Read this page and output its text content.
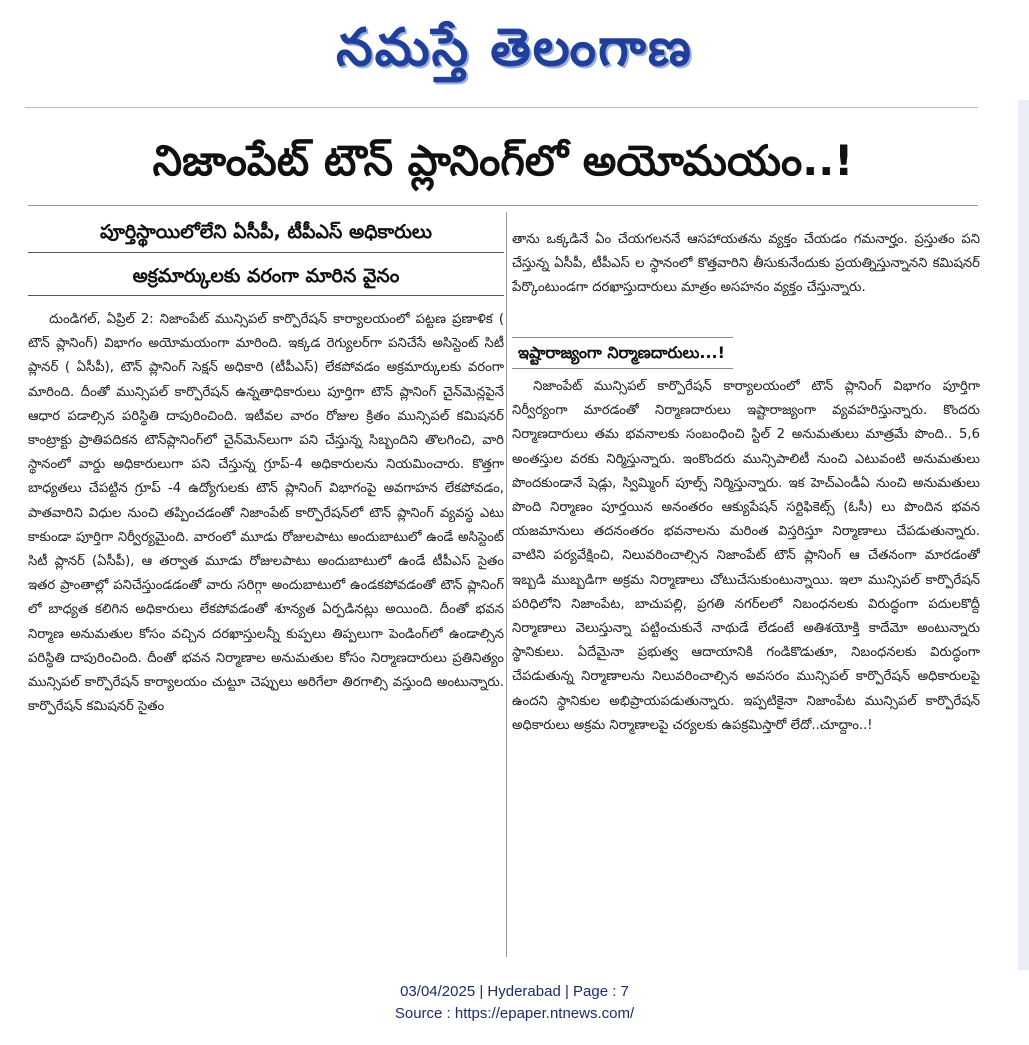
నమస్తే తెలంగాణ
నిజాంపేట్ టౌన్ ప్లానింగ్‌లో అయోమయం..!
పూర్తిస్థాయిలోలేని ఏసీపీ, టీపీఎస్ అధికారులు
అక్రమార్కులకు వరంగా మారిన వైనం

దుండిగల్, ఏప్రిల్ 2: నిజాంపేట్ మున్సిపల్ కార్పొరేషన్ కార్యాలయంలో పట్టణ ప్రణాళిక ( టౌన్ ప్లానింగ్) విభాగం అయోమయంగా మారింది. ఇక్కడ రెగ్యులర్‌గా పనిచేసే అసిస్టెంట్ సిటీ ప్లానర్ ( ఏసీపీ), టౌన్ ప్లానింగ్ సెక్షన్ అధికారి (టీపీఎస్) లేకపోవడం అక్రమార్కులకు వరంగా మారింది. దీంతో మున్సిపల్ కార్పొరేషన్ ఉన్నతాధికారులు పూర్తిగా టౌన్ ప్లానింగ్ చైన్‌మెన్లపైనే ఆధార పడాల్సిన పరిస్థితి దాపురించింది. ఇటీవల వారం రోజుల క్రితం మున్సిపల్ కమిషనర్ కాంట్రాక్టు ప్రాతిపదికన టౌన్‌ప్లానింగ్‌లో చైన్‌మెన్‌లుగా పని చేస్తున్న సిబ్బందిని తొలగించి, వారి స్థానంలో వార్డు అధికారులుగా పని చేస్తున్న గ్రూప్-4 అధికారులను నియమించారు. కొత్తగా బాధ్యతలు చేపట్టిన గ్రూప్ -4 ఉద్యోగులకు టౌన్ ప్లానింగ్ విభాగంపై అవగాహన లేకపోవడం, పాతవారిని విధుల నుంచి తప్పించడంతో నిజాంపేట్ కార్పొరేషన్‌లో టౌన్ ప్లానింగ్ వ్యవస్థ ఎటు కాకుండా పూర్తిగా నిర్వీర్యమైంది. వారంలో మూడు రోజులపాటు అందుబాటులో ఉండే అసిస్టెంట్ సిటీ ప్లానర్ (ఏసీపీ), ఆ తర్వాత మూడు రోజులపాటు అందుబాటులో ఉండే టీపీఎస్ సైతం ఇతర ప్రాంతాల్లో పనిచేస్తుండడంతో వారు సరిగ్గా అందుబాటులో ఉండకపోవడంతో టౌన్ ప్లానింగ్ లో బాధ్యత కలిగిన అధికారులు లేకపోవడంతో శూన్యత ఏర్పడినట్లు అయింది. దీంతో భవన నిర్మాణ అనుమతుల కోసం వచ్చిన దరఖాస్తులన్నీ కుప్పలు తిప్పలుగా పెండింగ్‌లో ఉండాల్సిన పరిస్థితి దాపురించింది. దీంతో భవన నిర్మాణాల అనుమతుల కోసం నిర్మాణదారులు ప్రతినిత్యం మున్సిపల్ కార్పొరేషన్ కార్యాలయం చుట్టూ చెప్పులు అరిగేలా తిరగాల్సి వస్తుంది అంటున్నారు. కార్పొరేషన్ కమిషనర్ సైతం

తాను ఒక్కడినే ఏం చేయగలననే ఆసహాయతను వ్యక్తం చేయడం గమనార్హం. ప్రస్తుతం పని చేస్తున్న ఏసీపీ, టీపీఎస్ ల స్థానంలో కొత్తవారిని తీసుకునేందుకు ప్రయత్నిస్తున్నానని కమిషనర్ పేర్కొంటుండగా దరఖాస్తుదారులు మాత్రం అసహనం వ్యక్తం చేస్తున్నారు.

ఇష్టారాజ్యంగా నిర్మాణదారులు...!

నిజాంపేట్ మున్సిపల్ కార్పొరేషన్ కార్యాలయంలో టౌన్ ప్లానింగ్ విభాగం పూర్తిగా నిర్వీర్యంగా మారడంతో నిర్మాణదారులు ఇష్టారాజ్యంగా వ్యవహరిస్తున్నారు. కొందరు నిర్మాణదారులు తమ భవనాలకు సంబంధించి స్టిల్ 2 అనుమతులు మాత్రమే పొంది.. 5,6 అంతస్తుల వరకు నిర్మిస్తున్నారు. ఇంకొందరు మున్సిపాలిటీ నుంచి ఎటువంటి అనుమతులు పొందకుండానే షెడ్లు, స్విమ్మింగ్ పూల్స్ నిర్మిస్తున్నారు. ఇక హెచ్ఎండీఏ నుంచి అనుమతులు పొంది నిర్మాణం పూర్తయిన అనంతరం ఆక్యుపేషన్ సర్టిఫికెట్స్ (ఓసీ) లు పొందిన భవన యజమానులు తదనంతరం భవనాలను మరింత విస్తరిస్తూ నిర్మాణాలు చేపడుతున్నారు. వాటిని పర్యవేక్షించి, నిలువరించాల్సిన నిజాంపేట్ టౌన్ ప్లానింగ్ ఆ చేతనంగా మారడంతో ఇబ్బడి ముబ్బడిగా అక్రమ నిర్మాణాలు చోటుచేసుకుంటున్నాయి. ఇలా మున్సిపల్ కార్పొరేషన్ పరిధిలోని నిజాంపేట, బాచుపల్లి, ప్రగతి నగర్‌లలో నిబంధనలకు విరుద్ధంగా పదులకొద్దీ నిర్మాణాలు వెలుస్తున్నా పట్టించుకునే నాథుడే లేడంటే అతిశయోక్తి కాదేమో అంటున్నారు స్థానికులు. ఏదేమైనా ప్రభుత్వ ఆదాయానికి గండికొడుతూ, నిబంధనలకు విరుద్ధంగా చేపడుతున్న నిర్మాణాలను నిలువరించాల్సిన అవసరం మున్సిపల్ కార్పొరేషన్ అధికారులపై ఉందని స్థానికుల అభిప్రాయపడుతున్నారు. ఇప్పటికైనా నిజాంపేట మున్సిపల్ కార్పొరేషన్ అధికారులు అక్రమ నిర్మాణాలపై చర్యలకు ఉపక్రమిస్తారో లేదో..చూద్దాం..!

03/04/2025 | Hyderabad | Page : 7
Source : https://epaper.ntnews.com/
